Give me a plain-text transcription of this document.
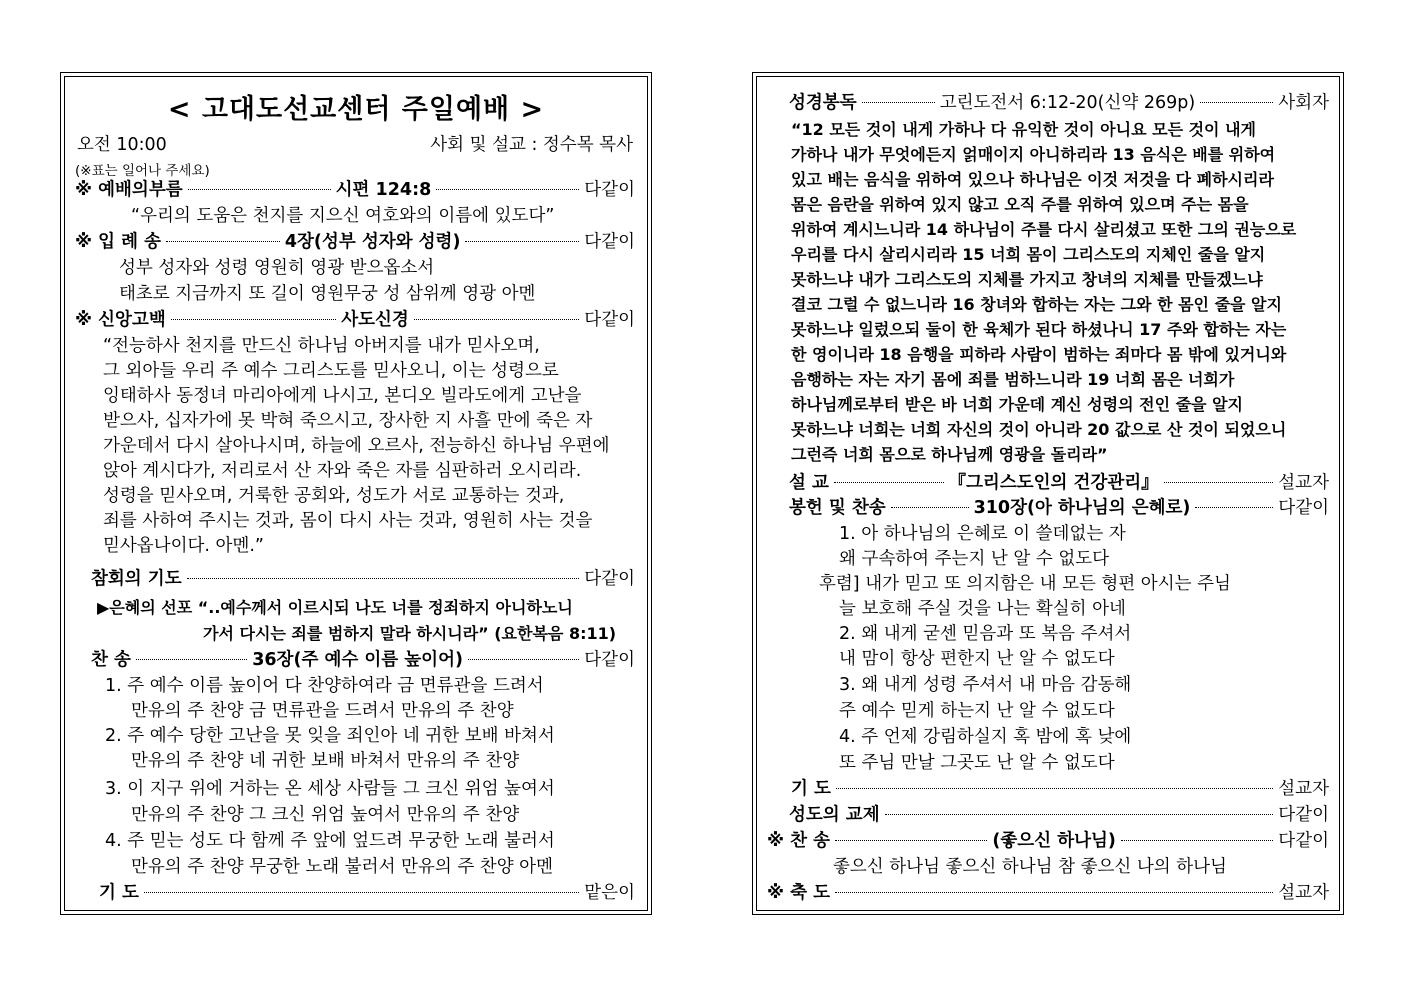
< 고대도선교센터 주일예배 >
오전 10:00	사회 및 설교 : 정수목 목사
(※표는 일어나 주세요)
※ 예배의부름	시편 124:8	다같이
“우리의 도움은 천지를 지으신 여호와의 이름에 있도다”
※ 입 례 송	4장(성부 성자와 성령)	다같이
성부 성자와 성령 영원히 영광 받으옵소서
태초로 지금까지 또 길이 영원무궁 성 삼위께 영광 아멘
※ 신앙고백	사도신경	다같이
“전능하사 천지를 만드신 하나님 아버지를 내가 믿사오며,
그 외아들 우리 주 예수 그리스도를 믿사오니, 이는 성령으로
잉태하사 동정녀 마리아에게 나시고, 본디오 빌라도에게 고난을
받으사, 십자가에 못 박혀 죽으시고, 장사한 지 사흘 만에 죽은 자
가운데서 다시 살아나시며, 하늘에 오르사, 전능하신 하나님 우편에
앉아 계시다가, 저리로서 산 자와 죽은 자를 심판하러 오시리라.
성령을 믿사오며, 거룩한 공회와, 성도가 서로 교통하는 것과,
죄를 사하여 주시는 것과, 몸이 다시 사는 것과, 영원히 사는 것을
믿사옵나이다. 아멘.”
참회의 기도	다같이
▶은혜의 선포 “..예수께서 이르시되 나도 너를 정죄하지 아니하노니
가서 다시는 죄를 범하지 말라 하시니라” (요한복음 8:11)
찬 송	36장(주 예수 이름 높이어)	다같이
1. 주 예수 이름 높이어 다 찬양하여라 금 면류관을 드려서
만유의 주 찬양 금 면류관을 드려서 만유의 주 찬양
2. 주 예수 당한 고난을 못 잊을 죄인아 네 귀한 보배 바쳐서
만유의 주 찬양 네 귀한 보배 바쳐서 만유의 주 찬양
3. 이 지구 위에 거하는 온 세상 사람들 그 크신 위엄 높여서
만유의 주 찬양 그 크신 위엄 높여서 만유의 주 찬양
4. 주 믿는 성도 다 함께 주 앞에 엎드려 무궁한 노래 불러서
만유의 주 찬양 무궁한 노래 불러서 만유의 주 찬양 아멘
기 도	맡은이
성경봉독	고린도전서 6:12-20(신약 269p)	사회자
“12 모든 것이 내게 가하나 다 유익한 것이 아니요 모든 것이 내게
가하나 내가 무엇에든지 얽매이지 아니하리라 13 음식은 배를 위하여
있고 배는 음식을 위하여 있으나 하나님은 이것 저것을 다 폐하시리라
몸은 음란을 위하여 있지 않고 오직 주를 위하여 있으며 주는 몸을
위하여 계시느니라 14 하나님이 주를 다시 살리셨고 또한 그의 권능으로
우리를 다시 살리시리라 15 너희 몸이 그리스도의 지체인 줄을 알지
못하느냐 내가 그리스도의 지체를 가지고 창녀의 지체를 만들겠느냐
결코 그럴 수 없느니라 16 창녀와 합하는 자는 그와 한 몸인 줄을 알지
못하느냐 일렀으되 둘이 한 육체가 된다 하셨나니 17 주와 합하는 자는
한 영이니라 18 음행을 피하라 사람이 범하는 죄마다 몸 밖에 있거니와
음행하는 자는 자기 몸에 죄를 범하느니라 19 너희 몸은 너희가
하나님께로부터 받은 바 너희 가운데 계신 성령의 전인 줄을 알지
못하느냐 너희는 너희 자신의 것이 아니라 20 값으로 산 것이 되었으니
그런즉 너희 몸으로 하나님께 영광을 돌리라”
설 교	『그리스도인의 건강관리』	설교자
봉헌 및 찬송	310장(아 하나님의 은혜로)	다같이
1. 아 하나님의 은혜로 이 쓸데없는 자
왜 구속하여 주는지 난 알 수 없도다
후렴] 내가 믿고 또 의지함은 내 모든 형편 아시는 주님
늘 보호해 주실 것을 나는 확실히 아네
2. 왜 내게 굳센 믿음과 또 복음 주셔서
내 맘이 항상 편한지 난 알 수 없도다
3. 왜 내게 성령 주셔서 내 마음 감동해
주 예수 믿게 하는지 난 알 수 없도다
4. 주 언제 강림하실지 혹 밤에 혹 낮에
또 주님 만날 그곳도 난 알 수 없도다
기 도	설교자
성도의 교제	다같이
※ 찬 송	(좋으신 하나님)	다같이
좋으신 하나님 좋으신 하나님 참 좋으신 나의 하나님
※ 축 도	설교자
